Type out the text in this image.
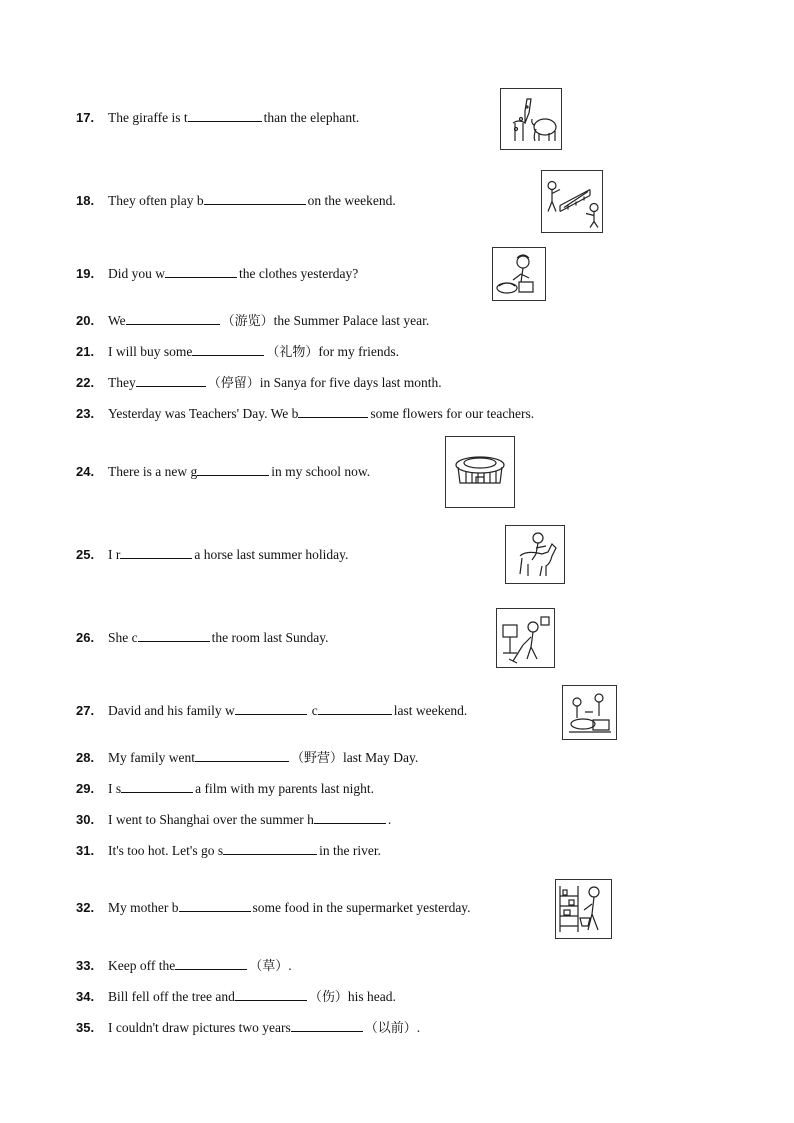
17.	The giraffe is t	than the elephant.
18.	They often play b	on the weekend.
19.	Did you w	the clothes yesterday?
20.	We	（游览） the Summer Palace last year.
21.	I will buy some	（礼物） for my friends.
22.	They	（停留） in Sanya for five days last month.
23.	Yesterday was Teachers' Day. We b	some flowers for our teachers.
24.	There is a new g	in my school now.
25.	I r	a horse last summer holiday.
26.	She c	the room last Sunday.
27.	David and his family w	c	last weekend.
28.	My family went	（野营） last May Day.
29.	I s	a film with my parents last night.
30.	I went to Shanghai over the summer h	.
31.	It's too hot. Let's go s	in the river.
32.	My mother b	some food in the supermarket yesterday.
33.	Keep off the	（草） .
34.	Bill fell off the tree and	（伤） his head.
35.	I couldn't draw pictures two years	（以前） .
